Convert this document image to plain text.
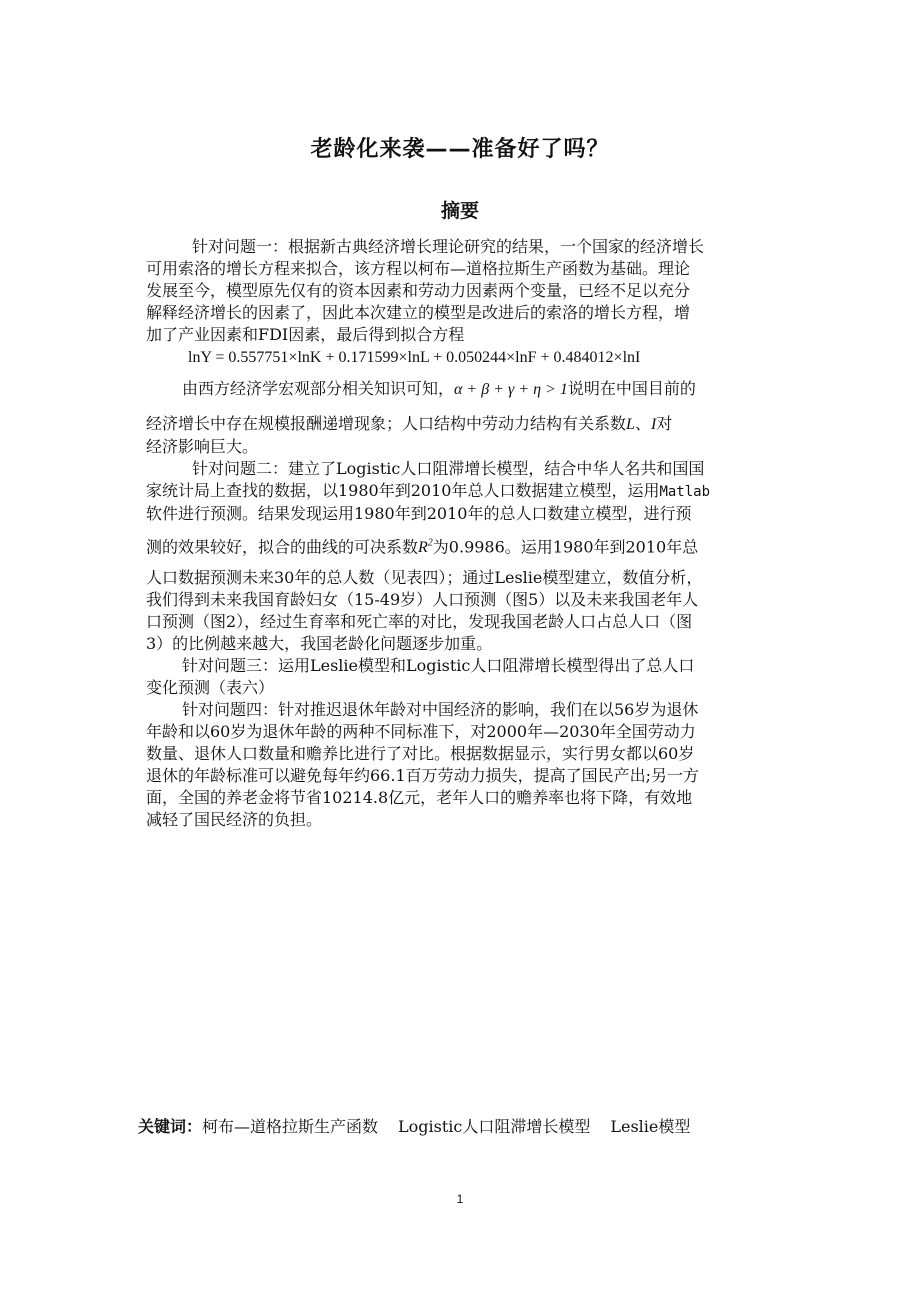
老龄化来袭——准备好了吗？
摘要
针对问题一：根据新古典经济增长理论研究的结果，一个国家的经济增长
可用索洛的增长方程来拟合，该方程以柯布—道格拉斯生产函数为基础。理论
发展至今，模型原先仅有的资本因素和劳动力因素两个变量，已经不足以充分
解释经济增长的因素了，因此本次建立的模型是改进后的索洛的增长方程，增
加了产业因素和FDI因素，最后得到拟合方程
lnY = 0.557751×lnK + 0.171599×lnL + 0.050244×lnF + 0.484012×lnI
由西方经济学宏观部分相关知识可知，α + β + γ + η > 1说明在中国目前的
经济增长中存在规模报酬递增现象；人口结构中劳动力结构有关系数L、I对
经济影响巨大。
针对问题二：建立了Logistic人口阻滞增长模型，结合中华人名共和国国
家统计局上查找的数据，以1980年到2010年总人口数据建立模型，运用Matlab
软件进行预测。结果发现运用1980年到2010年的总人口数建立模型，进行预
测的效果较好，拟合的曲线的可决系数$R^2$为0.9986。运用1980年到2010年总
人口数据预测未来30年的总人数（见表四）；通过Leslie模型建立，数值分析，
我们得到未来我国育龄妇女（15-49岁）人口预测（图5）以及未来我国老年人
口预测（图2），经过生育率和死亡率的对比，发现我国老龄人口占总人口（图
3）的比例越来越大，我国老龄化问题逐步加重。
针对问题三：运用Leslie模型和Logistic人口阻滞增长模型得出了总人口
变化预测（表六）
针对问题四：针对推迟退休年龄对中国经济的影响，我们在以56岁为退休
年龄和以60岁为退休年龄的两种不同标准下，对2000年—2030年全国劳动力
数量、退休人口数量和赡养比进行了对比。根据数据显示，实行男女都以60岁
退休的年龄标准可以避免每年约66.1百万劳动力损失，提高了国民产出;另一方
面，全国的养老金将节省10214.8亿元，老年人口的赡养率也将下降，有效地
减轻了国民经济的负担。
关键词：柯布—道格拉斯生产函数 Logistic人口阻滞增长模型 Leslie模型
1
